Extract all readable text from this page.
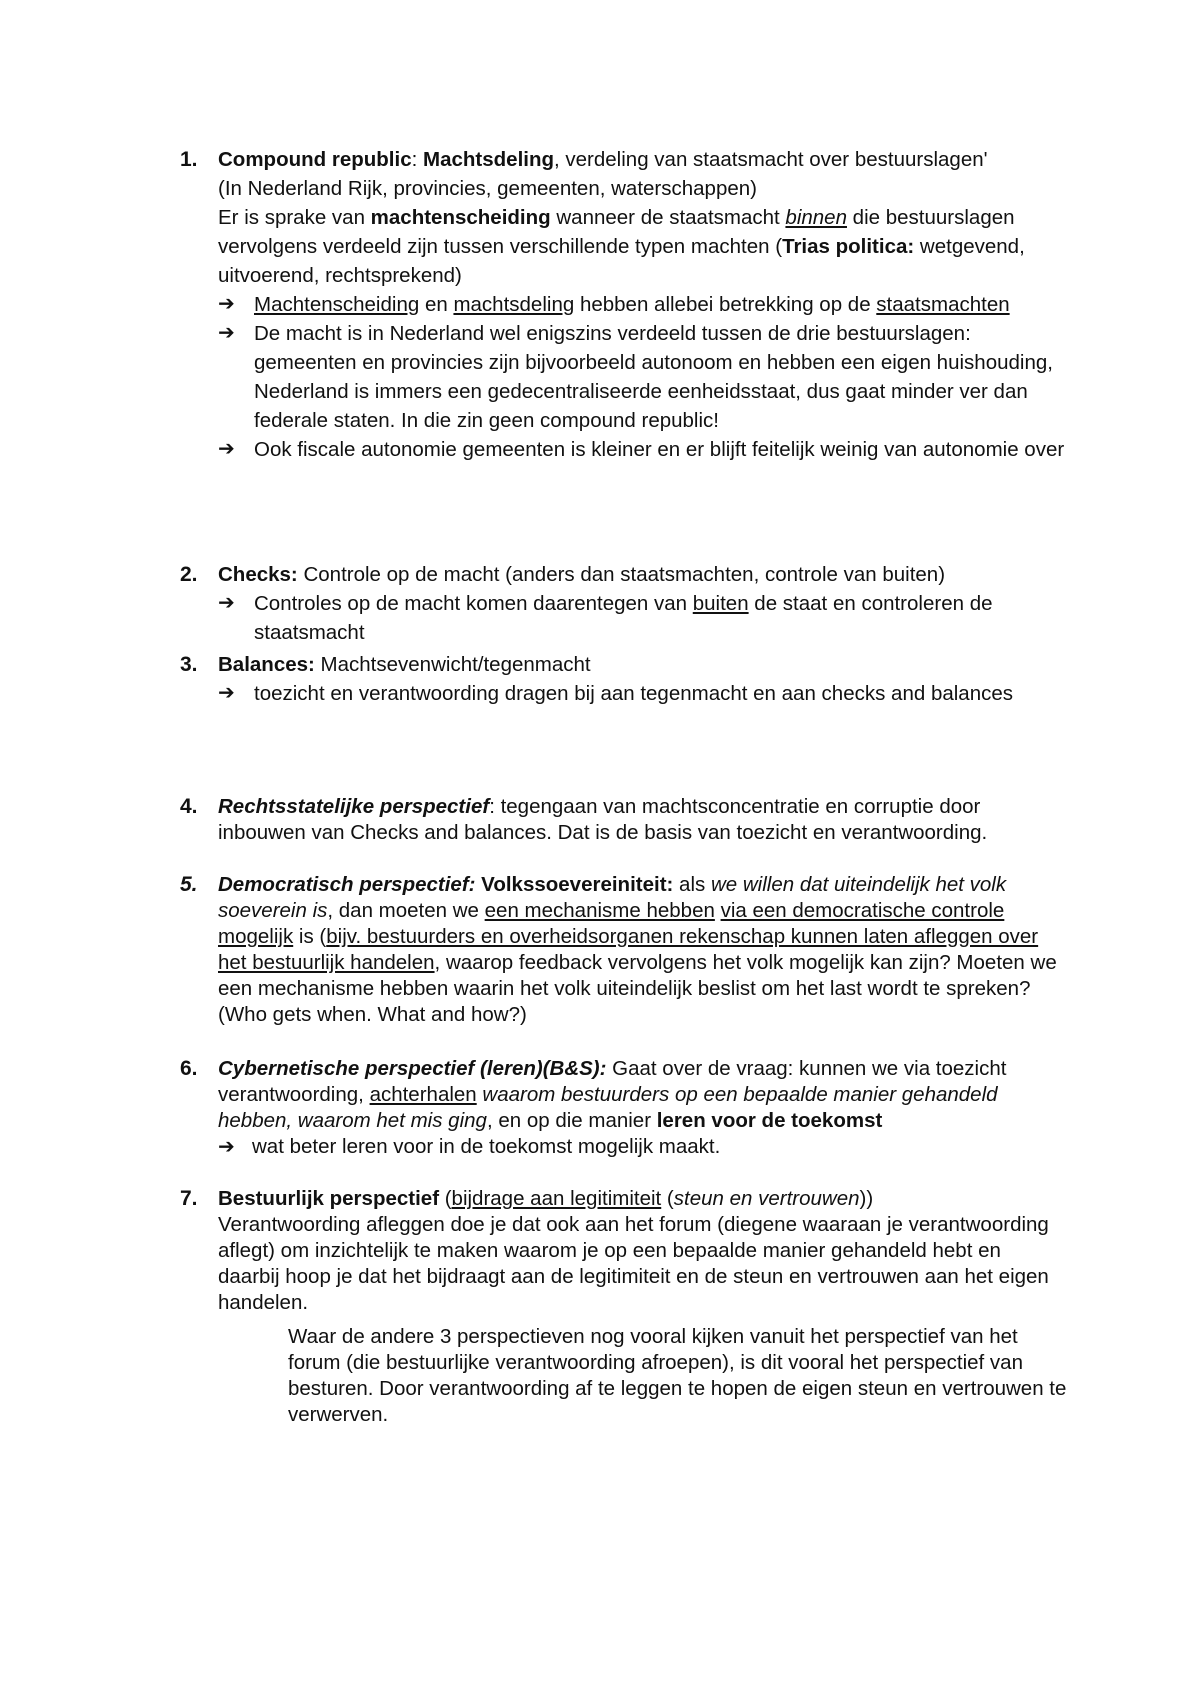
1. Compound republic: Machtsdeling, verdeling van staatsmacht over bestuurslagen'
(In Nederland Rijk, provincies, gemeenten, waterschappen)
Er is sprake van machtenscheiding wanneer de staatsmacht binnen die bestuurslagen vervolgens verdeeld zijn tussen verschillende typen machten (Trias politica: wetgevend, uitvoerend, rechtsprekend)
➔ Machtenscheiding en machtsdeling hebben allebei betrekking op de staatsmachten
➔ De macht is in Nederland wel enigszins verdeeld tussen de drie bestuurslagen: gemeenten en provincies zijn bijvoorbeeld autonoom en hebben een eigen huishouding, Nederland is immers een gedecentraliseerde eenheidsstaat, dus gaat minder ver dan federale staten. In die zin geen compound republic!
➔ Ook fiscale autonomie gemeenten is kleiner en er blijft feitelijk weinig van autonomie over
2. Checks: Controle op de macht (anders dan staatsmachten, controle van buiten)
➔ Controles op de macht komen daarentegen van buiten de staat en controleren de staatsmacht
3. Balances: Machtsevenwicht/tegenmacht
➔ toezicht en verantwoording dragen bij aan tegenmacht en aan checks and balances
4. Rechtsstatelijke perspectief: tegengaan van machtsconcentratie en corruptie door inbouwen van Checks and balances. Dat is de basis van toezicht en verantwoording.
5. Democratisch perspectief: Volkssoevereiniteit: als we willen dat uiteindelijk het volk soeverein is, dan moeten we een mechanisme hebben via een democratische controle mogelijk is (bijv. bestuurders en overheidsorganen rekenschap kunnen laten afleggen over het bestuurlijk handelen, waarop feedback vervolgens het volk mogelijk kan zijn? Moeten we een mechanisme hebben waarin het volk uiteindelijk beslist om het last wordt te spreken? (Who gets when. What and how?)
6. Cybernetische perspectief (leren)(B&S): Gaat over de vraag: kunnen we via toezicht verantwoording, achterhalen waarom bestuurders op een bepaalde manier gehandeld hebben, waarom het mis ging, en op die manier leren voor de toekomst
➔ wat beter leren voor in de toekomst mogelijk maakt.
7. Bestuurlijk perspectief (bijdrage aan legitimiteit (steun en vertrouwen))
Verantwoording afleggen doe je dat ook aan het forum (diegene waaraan je verantwoording aflegt) om inzichtelijk te maken waarom je op een bepaalde manier gehandeld hebt en daarbij hoop je dat het bijdraagt aan de legitimiteit en de steun en vertrouwen aan het eigen handelen.
Waar de andere 3 perspectieven nog vooral kijken vanuit het perspectief van het forum (die bestuurlijke verantwoording afroepen), is dit vooral het perspectief van besturen. Door verantwoording af te leggen te hopen de eigen steun en vertrouwen te verwerven.
